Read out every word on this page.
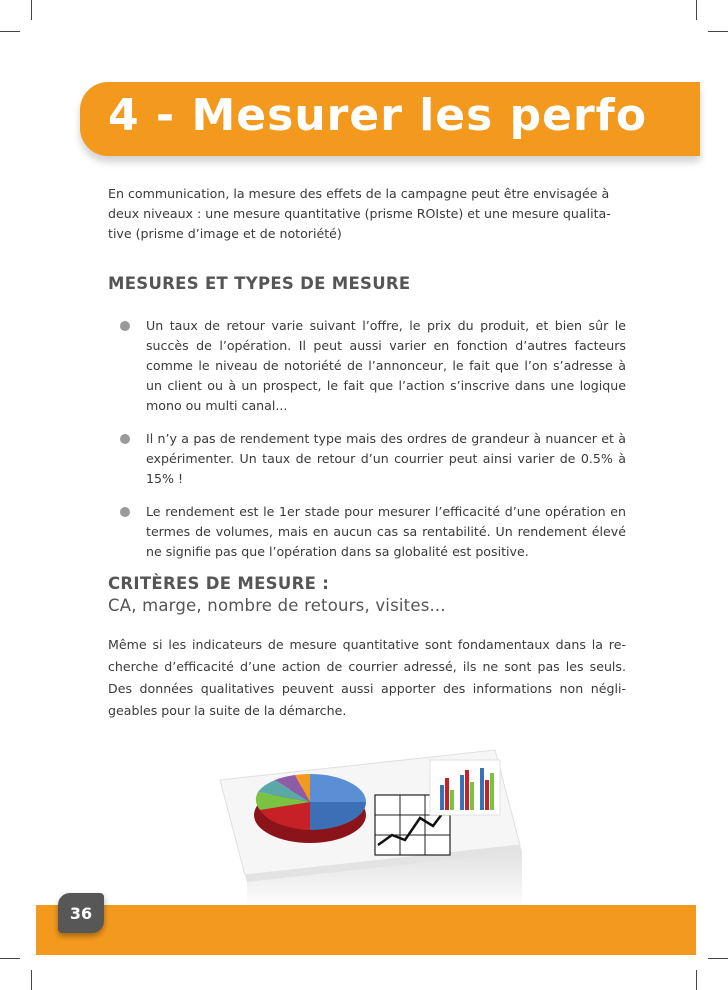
4 - Mesurer les perfo

En communication, la mesure des effets de la campagne peut être envisagée à deux niveaux : une mesure quantitative (prisme ROIste) et une mesure qualita-tive (prisme d’image et de notoriété)

MESURES ET TYPES DE MESURE
Un taux de retour varie suivant l’offre, le prix du produit, et bien sûr le succès de l’opération. Il peut aussi varier en fonction d’autres facteurs comme le niveau de notoriété de l’annonceur, le fait que l’on s’adresse à un client ou à un prospect, le fait que l’action s’inscrive dans une logique mono ou multi canal...
Il n’y a pas de rendement type mais des ordres de grandeur à nuancer et à expérimenter. Un taux de retour d’un courrier peut ainsi varier de 0.5% à 15% !
Le rendement est le 1er stade pour mesurer l’efficacité d’une opération en termes de volumes, mais en aucun cas sa rentabilité. Un rendement élevé ne signifie pas que l’opération dans sa globalité est positive.
CRITÈRES DE MESURE :

CA, marge, nombre de retours, visites...

Même si les indicateurs de mesure quantitative sont fondamentaux dans la re-cherche d’efficacité d’une action de courrier adressé, ils ne sont pas les seuls. Des données qualitatives peuvent aussi apporter des informations non négli-geables pour la suite de la démarche.

36
